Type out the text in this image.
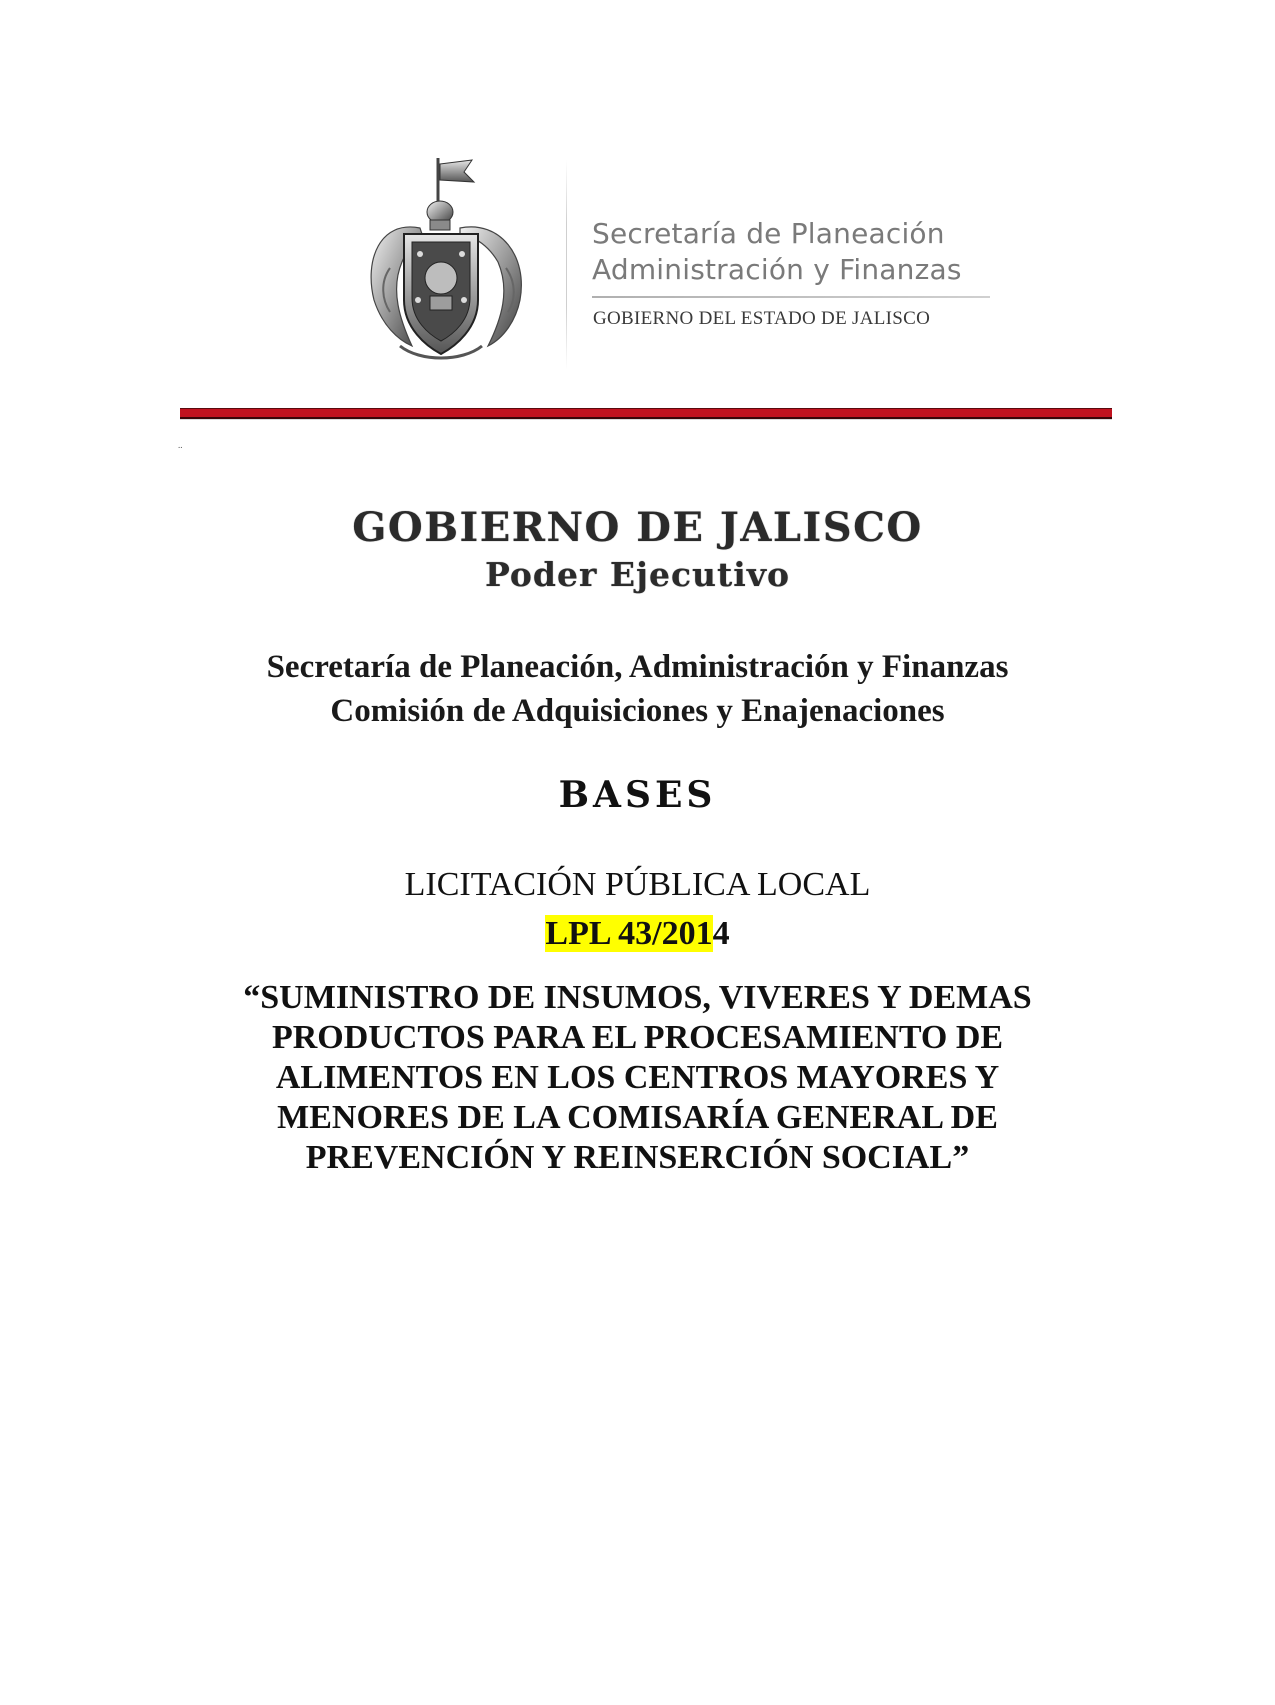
Secretaría de Planeación
Administración y Finanzas
GOBIERNO DEL ESTADO DE JALISCO
..
GOBIERNO DE JALISCO
Poder Ejecutivo
Secretaría de Planeación, Administración y Finanzas
Comisión de Adquisiciones y Enajenaciones
BASES
LICITACIÓN PÚBLICA LOCAL
LPL 43/2014
“SUMINISTRO DE INSUMOS, VIVERES Y DEMAS
PRODUCTOS PARA EL PROCESAMIENTO DE
ALIMENTOS EN LOS CENTROS MAYORES Y
MENORES DE LA COMISARÍA GENERAL DE
PREVENCIÓN Y REINSERCIÓN SOCIAL”
